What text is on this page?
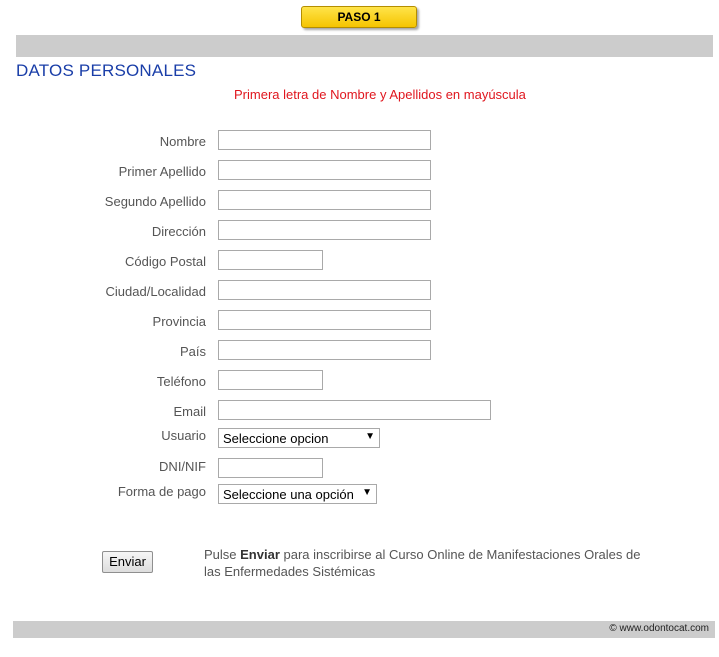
PASO 1
DATOS PERSONALES
Primera letra de Nombre y Apellidos en mayúscula
Nombre
Primer Apellido
Segundo Apellido
Dirección
Código Postal
Ciudad/Localidad
Provincia
País
Teléfono
Email
Usuario	Seleccione opcion	▼
DNI/NIF
Forma de pago	Seleccione una opción ▼
Enviar	Pulse Enviar para inscribirse al Curso Online de Manifestaciones Orales de las Enfermedades Sistémicas
© www.odontocat.com
